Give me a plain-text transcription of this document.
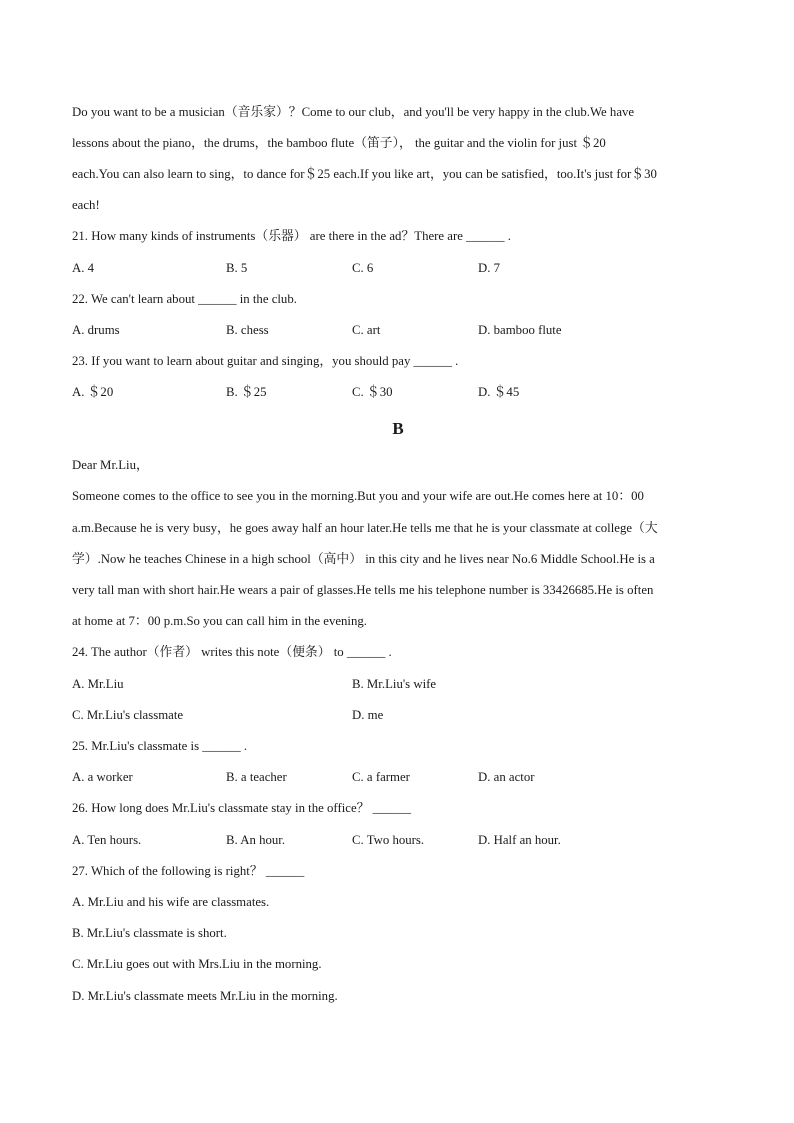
Do you want to be a musician（音乐家）？Come to our club，and you'll be very happy in the club.We have
lessons about the piano，the drums，the bamboo flute（笛子）， the guitar and the violin for just ＄20
each.You can also learn to sing，to dance for＄25 each.If you like art，you can be satisfied，too.It's just for＄30
each!
21. How many kinds of instruments（乐器） are there in the ad？There are ______ .
A. 4	B. 5	C. 6	D. 7
22. We can't learn about ______ in the club.
A. drums	B. chess	C. art	D. bamboo flute
23. If you want to learn about guitar and singing，you should pay ______ .
A. ＄20	B. ＄25	C. ＄30	D. ＄45
B
Dear Mr.Liu，
Someone comes to the office to see you in the morning.But you and your wife are out.He comes here at 10：00
a.m.Because he is very busy，he goes away half an hour later.He tells me that he is your classmate at college（大
学）.Now he teaches Chinese in a high school（高中） in this city and he lives near No.6 Middle School.He is a
very tall man with short hair.He wears a pair of glasses.He tells me his telephone number is 33426685.He is often
at home at 7：00 p.m.So you can call him in the evening.
24. The author（作者） writes this note（便条） to ______ .
A. Mr.Liu	B. Mr.Liu's wife
C. Mr.Liu's classmate	D. me
25. Mr.Liu's classmate is ______ .
A. a worker	B. a teacher	C. a farmer	D. an actor
26. How long does Mr.Liu's classmate stay in the office？ ______
A. Ten hours.	B. An hour.	C. Two hours.	D. Half an hour.
27. Which of the following is right？ ______
A. Mr.Liu and his wife are classmates.
B. Mr.Liu's classmate is short.
C. Mr.Liu goes out with Mrs.Liu in the morning.
D. Mr.Liu's classmate meets Mr.Liu in the morning.
